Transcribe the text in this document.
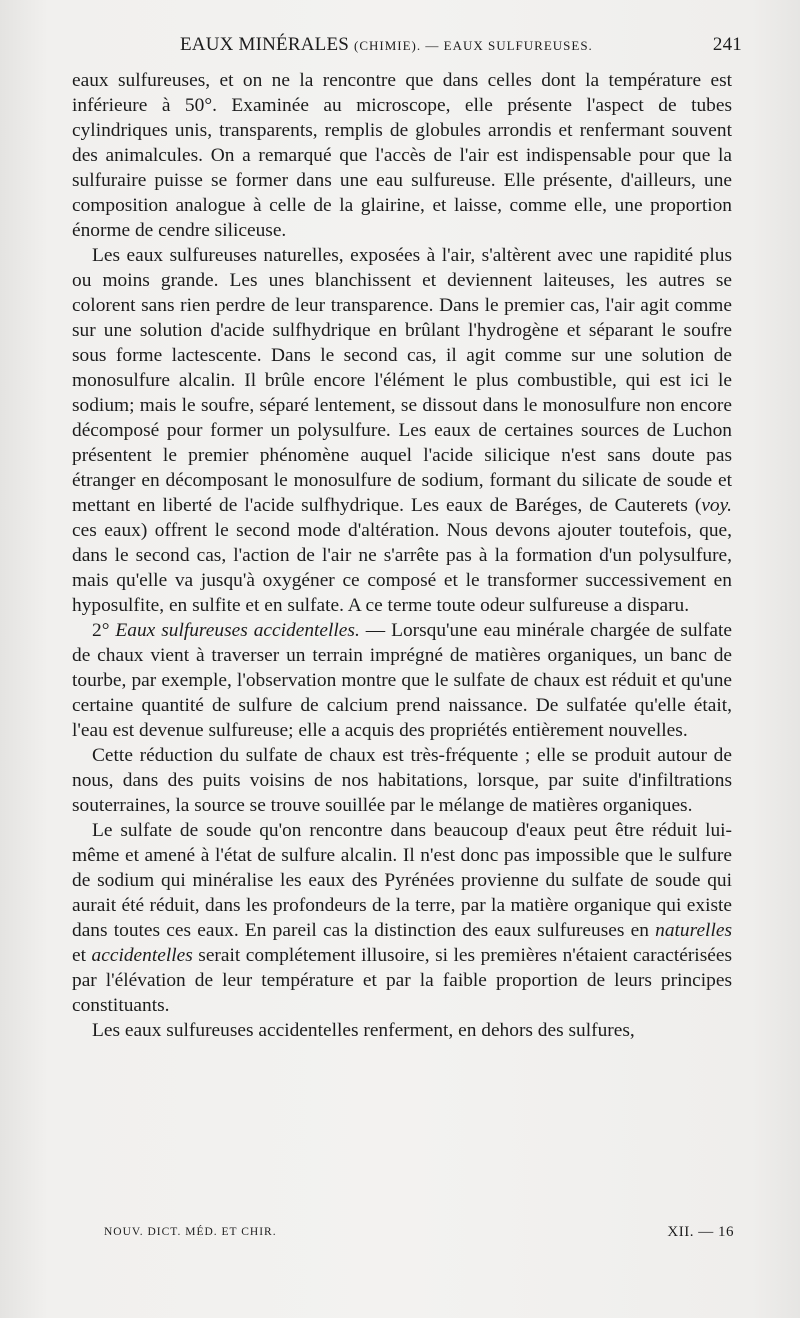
EAUX MINÉRALES (CHIMIE). — EAUX SULFUREUSES.	241

eaux sulfureuses, et on ne la rencontre que dans celles dont la température est inférieure à 50°. Examinée au microscope, elle présente l'aspect de tubes cylindriques unis, transparents, remplis de globules arrondis et renfermant souvent des animalcules. On a remarqué que l'accès de l'air est indispensable pour que la sulfuraire puisse se former dans une eau sulfureuse. Elle présente, d'ailleurs, une composition analogue à celle de la glairine, et laisse, comme elle, une proportion énorme de cendre siliceuse.

Les eaux sulfureuses naturelles, exposées à l'air, s'altèrent avec une rapidité plus ou moins grande. Les unes blanchissent et deviennent laiteuses, les autres se colorent sans rien perdre de leur transparence. Dans le premier cas, l'air agit comme sur une solution d'acide sulfhydrique en brûlant l'hydrogène et séparant le soufre sous forme lactescente. Dans le second cas, il agit comme sur une solution de monosulfure alcalin. Il brûle encore l'élément le plus combustible, qui est ici le sodium; mais le soufre, séparé lentement, se dissout dans le monosulfure non encore décomposé pour former un polysulfure. Les eaux de certaines sources de Luchon présentent le premier phénomène auquel l'acide silicique n'est sans doute pas étranger en décomposant le monosulfure de sodium, formant du silicate de soude et mettant en liberté de l'acide sulfhydrique. Les eaux de Baréges, de Cauterets (voy. ces eaux) offrent le second mode d'altération. Nous devons ajouter toutefois, que, dans le second cas, l'action de l'air ne s'arrête pas à la formation d'un polysulfure, mais qu'elle va jusqu'à oxygéner ce composé et le transformer successivement en hyposulfite, en sulfite et en sulfate. A ce terme toute odeur sulfureuse a disparu.

2° Eaux sulfureuses accidentelles. — Lorsqu'une eau minérale chargée de sulfate de chaux vient à traverser un terrain imprégné de matières organiques, un banc de tourbe, par exemple, l'observation montre que le sulfate de chaux est réduit et qu'une certaine quantité de sulfure de calcium prend naissance. De sulfatée qu'elle était, l'eau est devenue sulfureuse; elle a acquis des propriétés entièrement nouvelles.

Cette réduction du sulfate de chaux est très-fréquente ; elle se produit autour de nous, dans des puits voisins de nos habitations, lorsque, par suite d'infiltrations souterraines, la source se trouve souillée par le mélange de matières organiques.

Le sulfate de soude qu'on rencontre dans beaucoup d'eaux peut être réduit lui-même et amené à l'état de sulfure alcalin. Il n'est donc pas impossible que le sulfure de sodium qui minéralise les eaux des Pyrénées provienne du sulfate de soude qui aurait été réduit, dans les profondeurs de la terre, par la matière organique qui existe dans toutes ces eaux. En pareil cas la distinction des eaux sulfureuses en naturelles et accidentelles serait complétement illusoire, si les premières n'étaient caractérisées par l'élévation de leur température et par la faible proportion de leurs principes constituants.

Les eaux sulfureuses accidentelles renferment, en dehors des sulfures,

NOUV. DICT. MÉD. ET CHIR.	XII. — 16
